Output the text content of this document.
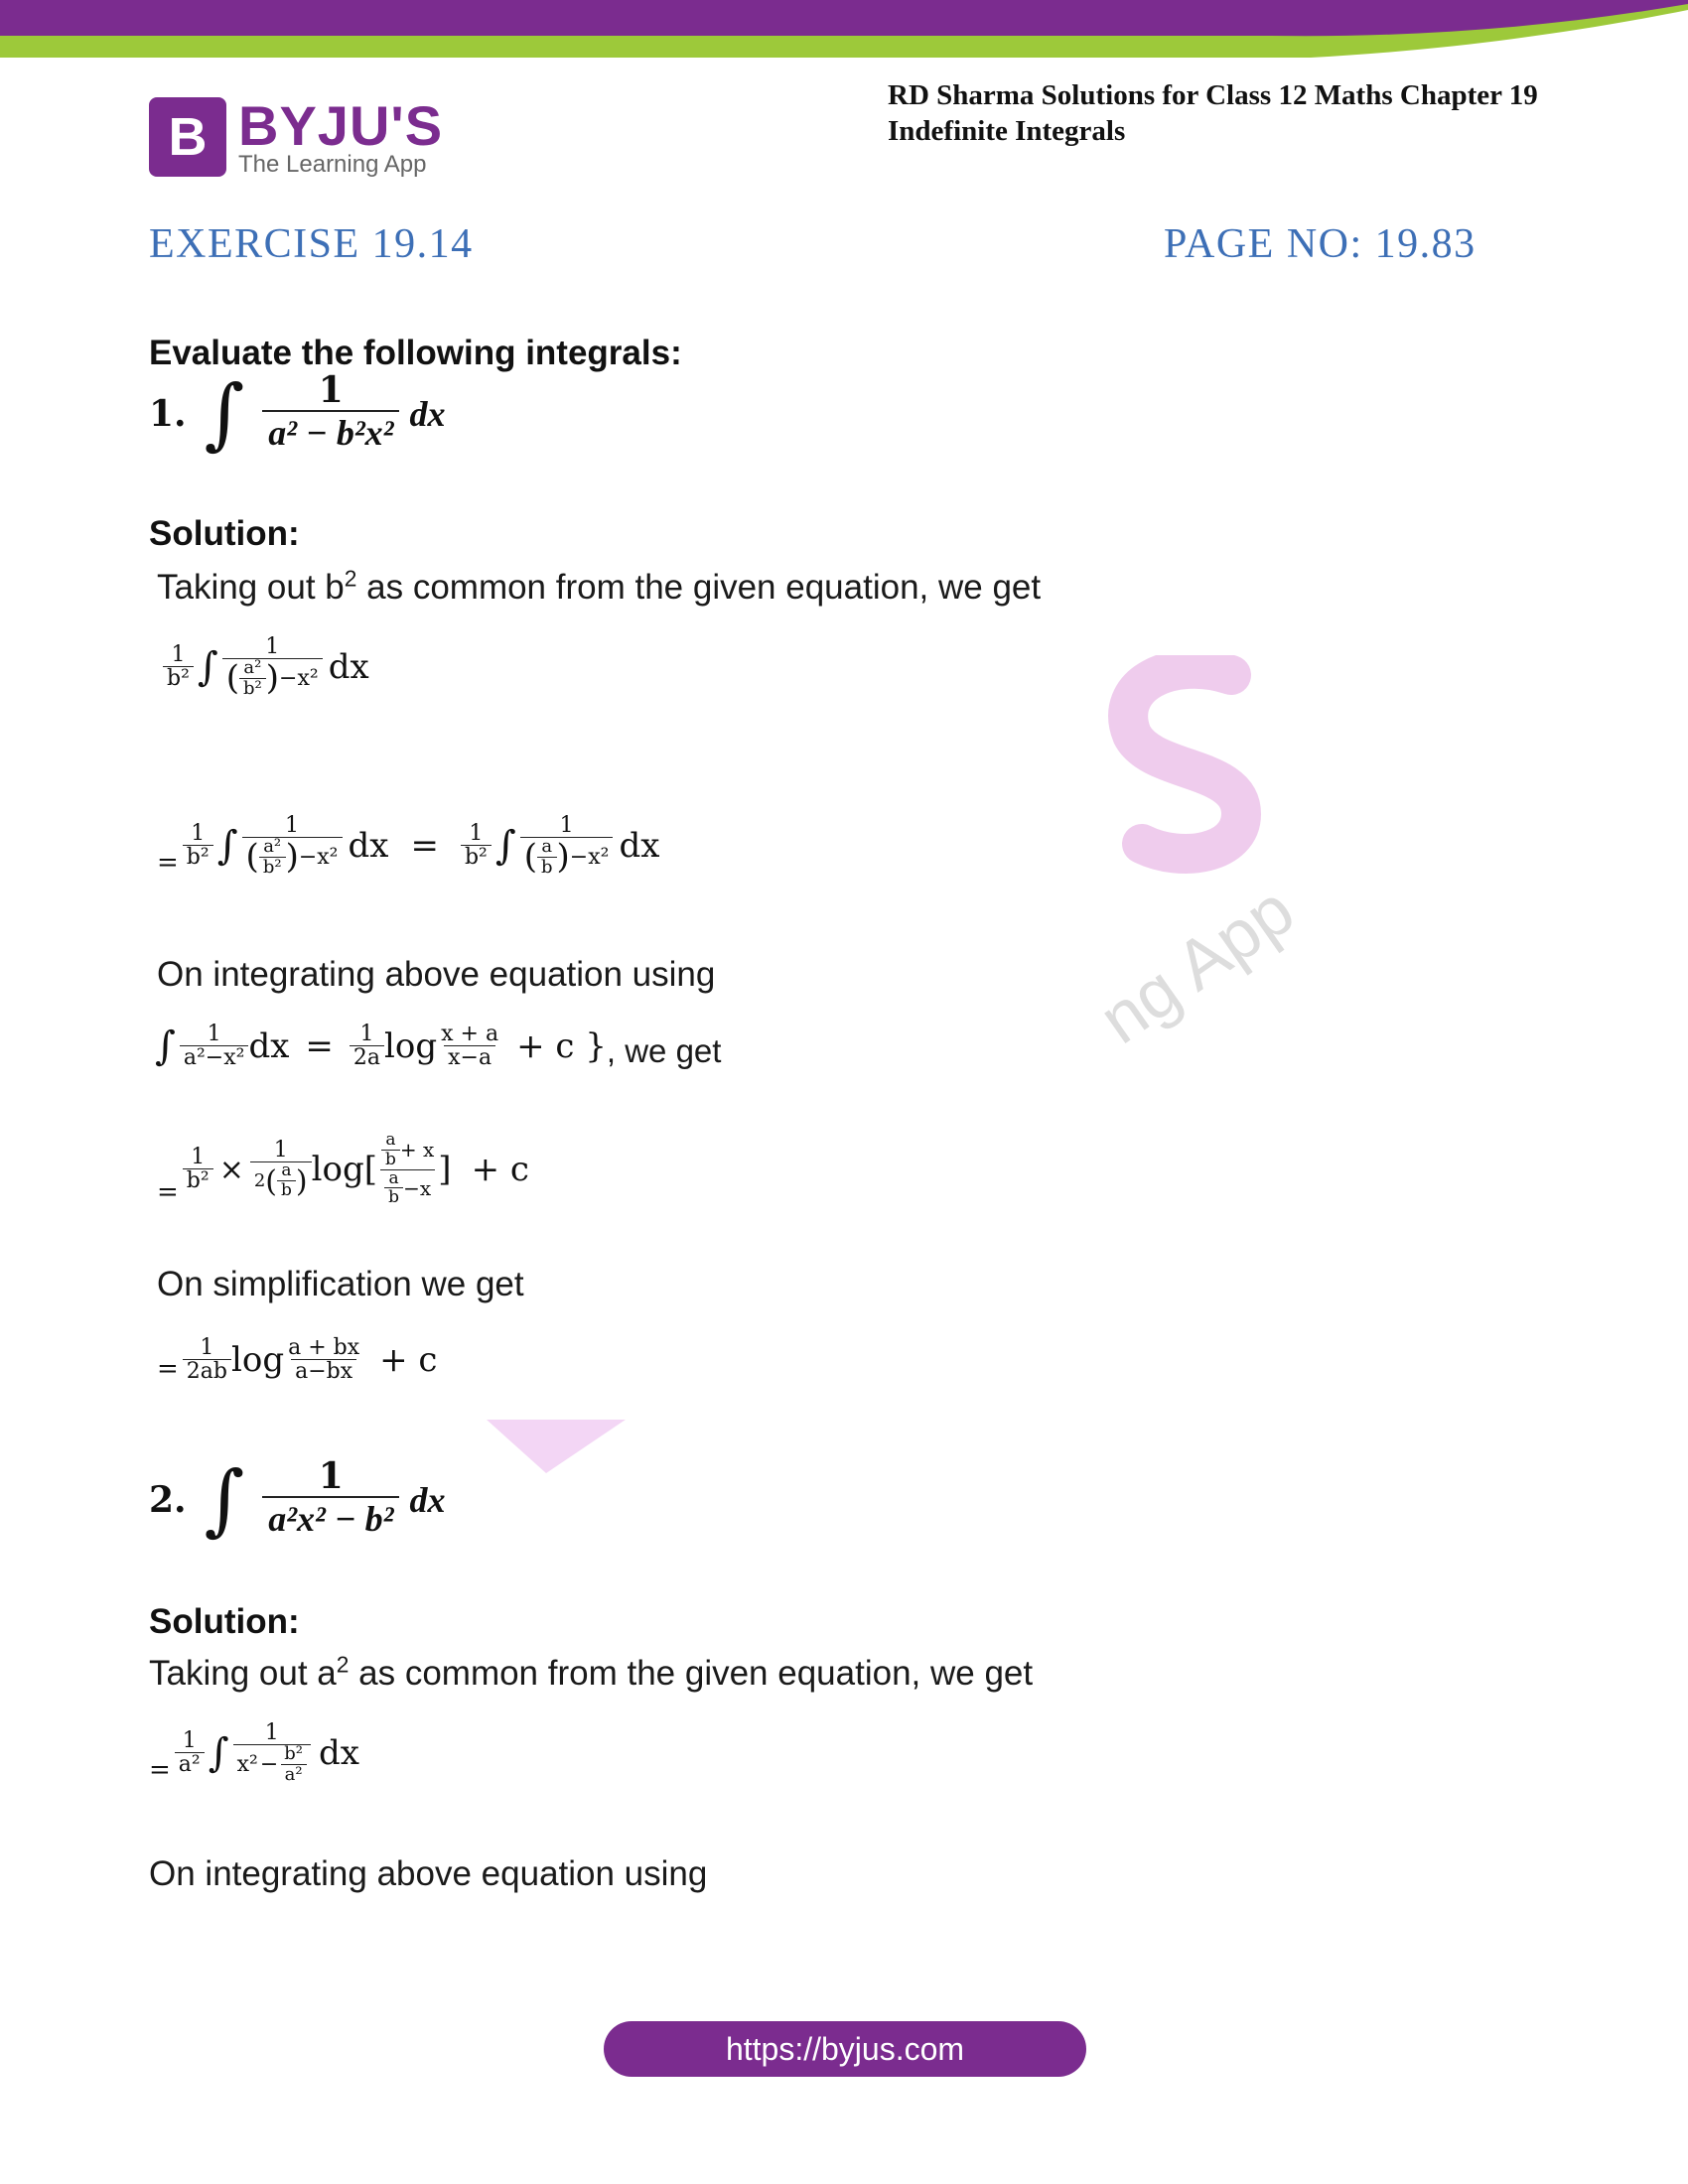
B BYJU'S
The Learning App
RD Sharma Solutions for Class 12 Maths Chapter 19
Indefinite Integrals
EXERCISE 19.14	PAGE NO: 19.83
Evaluate the following integrals:
ng App
1. ∫ $\frac{1}{\text{a² − b²x²}}$ dx
Solution:
Taking out $b^2$ as common from the given equation, we get
$\frac{1}{\text{b²}}$ ∫ $\frac{1}{( \frac{\text{a²}}{\text{b²}} ) -x^2}$ dx
= $\frac{1}{\text{b²}}$ ∫ $\frac{1}{( \frac{\text{a²}}{\text{b²}} ) -x^2}$ dx = $\frac{1}{\text{b²}}$ ∫ $\frac{1}{( \frac{a}{b} ) -x^2}$ dx
On integrating above equation using
∫ $\frac{1}{\text{a²−x²}}$ dx = $\frac{1}{2a}$ $\log \frac{x + a}{x-a} + c$ } , we get
= $\frac{1}{\text{b²}} \times \frac{1}{2 ( \frac{a}{b} )} \log[ \frac{\frac{a}{b} + x}{\frac{a}{b} -x}$ ] + c
On simplification we get
= $\frac{1}{2ab}$ $\log \frac{a + bx}{a-bx} + c$
2. ∫ $\frac{1}{\text{a²x² − b²}}$ dx
Solution:
Taking out $a^2$ as common from the given equation, we get
= $\frac{1}{\text{a²}}$ ∫ $\frac{1}{x^2 - \frac{\text{b²}}{\text{a²}}}$ dx
On integrating above equation using
https://byjus.com
